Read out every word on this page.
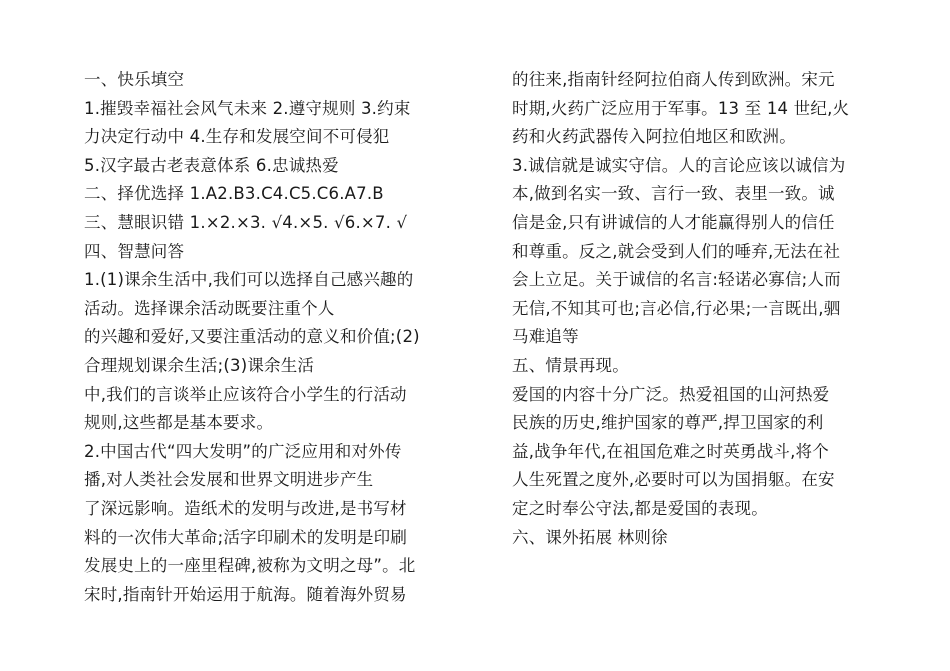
一、快乐填空
1.摧毁幸福社会风气未来 2.遵守规则 3.约束
力决定行动中 4.生存和发展空间不可侵犯
5.汉字最古老表意体系 6.忠诚热爱
二、择优选择 1.A2.B3.C4.C5.C6.A7.B
三、慧眼识错 1.×2.×3. √4.×5. √6.×7. √
四、智慧问答
1.(1)课余生活中,我们可以选择自己感兴趣的
活动。选择课余活动既要注重个人
的兴趣和爱好,又要注重活动的意义和价值;(2)
合理规划课余生活;(3)课余生活
中,我们的言谈举止应该符合小学生的行活动
规则,这些都是基本要求。
2.中国古代“四大发明”的广泛应用和对外传
播,对人类社会发展和世界文明进步产生
了深远影响。造纸术的发明与改进,是书写材
料的一次伟大革命;活字印刷术的发明是印刷
发展史上的一座里程碑,被称为文明之母”。北
宋时,指南针开始运用于航海。随着海外贸易
的往来,指南针经阿拉伯商人传到欧洲。宋元
时期,火药广泛应用于军事。13 至 14 世纪,火
药和火药武器传入阿拉伯地区和欧洲。
3.诚信就是诚实守信。人的言论应该以诚信为
本,做到名实一致、言行一致、表里一致。诚
信是金,只有讲诚信的人才能赢得别人的信任
和尊重。反之,就会受到人们的唾弃,无法在社
会上立足。关于诚信的名言:轻诺必寡信;人而
无信,不知其可也;言必信,行必果;一言既出,驷
马难追等
五、情景再现。
爱国的内容十分广泛。热爱祖国的山河热爱
民族的历史,维护国家的尊严,捍卫国家的利
益,战争年代,在祖国危难之时英勇战斗,将个
人生死置之度外,必要时可以为国捐躯。在安
定之时奉公守法,都是爱国的表现。
六、课外拓展 林则徐
